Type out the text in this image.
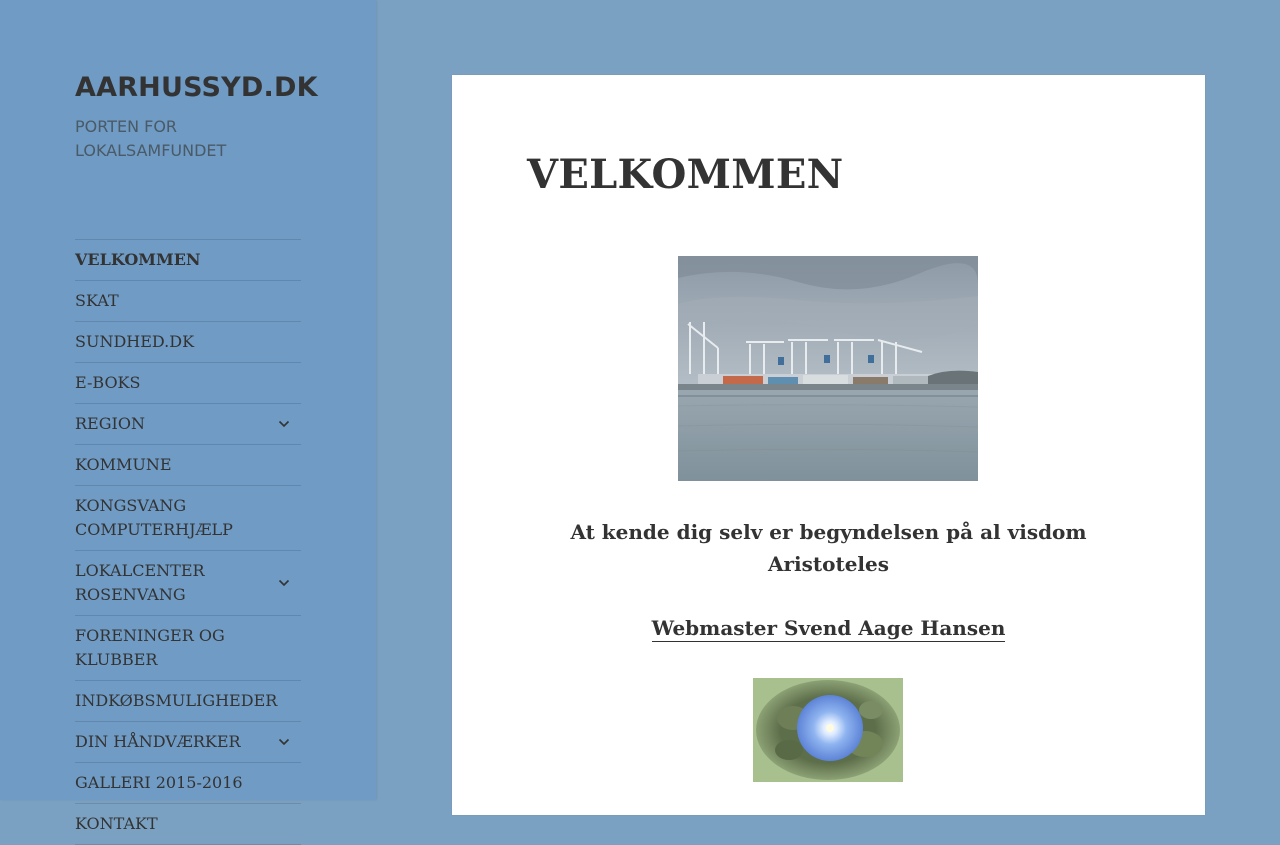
AARHUSSYD.DK
PORTEN FOR LOKALSAMFUNDET
VELKOMMEN
SKAT
SUNDHED.DK
E-BOKS
REGION
KOMMUNE
KONGSVANG COMPUTERHJÆLP
LOKALCENTER ROSENVANG
FORENINGER OG KLUBBER
INDKØBSMULIGHEDER
DIN HÅNDVÆRKER
GALLERI 2015-2016
KONTAKT
VELKOMMEN
At kende dig selv er begyndelsen på al visdom
Aristoteles
Webmaster Svend Aage Hansen
